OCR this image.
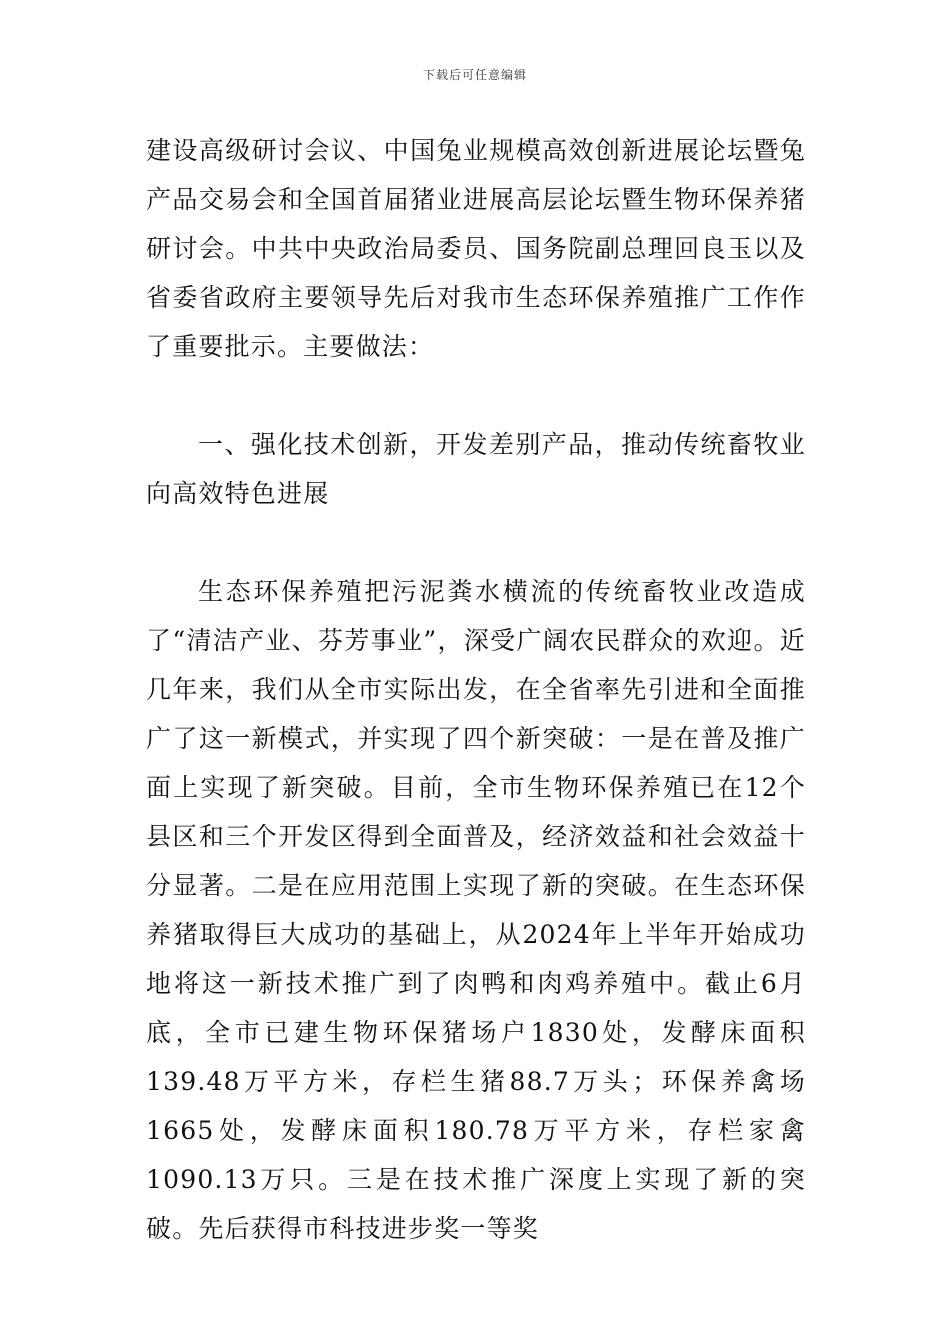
下载后可任意编辑

建设高级研讨会议、中国兔业规模高效创新进展论坛暨兔产品交易会和全国首届猪业进展高层论坛暨生物环保养猪研讨会。中共中央政治局委员、国务院副总理回良玉以及省委省政府主要领导先后对我市生态环保养殖推广工作作了重要批示。主要做法：

一、强化技术创新，开发差别产品，推动传统畜牧业向高效特色进展

生态环保养殖把污泥粪水横流的传统畜牧业改造成了“清洁产业、芬芳事业”，深受广阔农民群众的欢迎。近几年来，我们从全市实际出发，在全省率先引进和全面推广了这一新模式，并实现了四个新突破：一是在普及推广面上实现了新突破。目前，全市生物环保养殖已在12个县区和三个开发区得到全面普及，经济效益和社会效益十分显著。二是在应用范围上实现了新的突破。在生态环保养猪取得巨大成功的基础上，从2024年上半年开始成功地将这一新技术推广到了肉鸭和肉鸡养殖中。截止6月底，全市已建生物环保猪场户1830处，发酵床面积139.48万平方米，存栏生猪88.7万头；环保养禽场1665处，发酵床面积180.78万平方米，存栏家禽1090.13万只。三是在技术推广深度上实现了新的突破。先后获得市科技进步奖一等奖
